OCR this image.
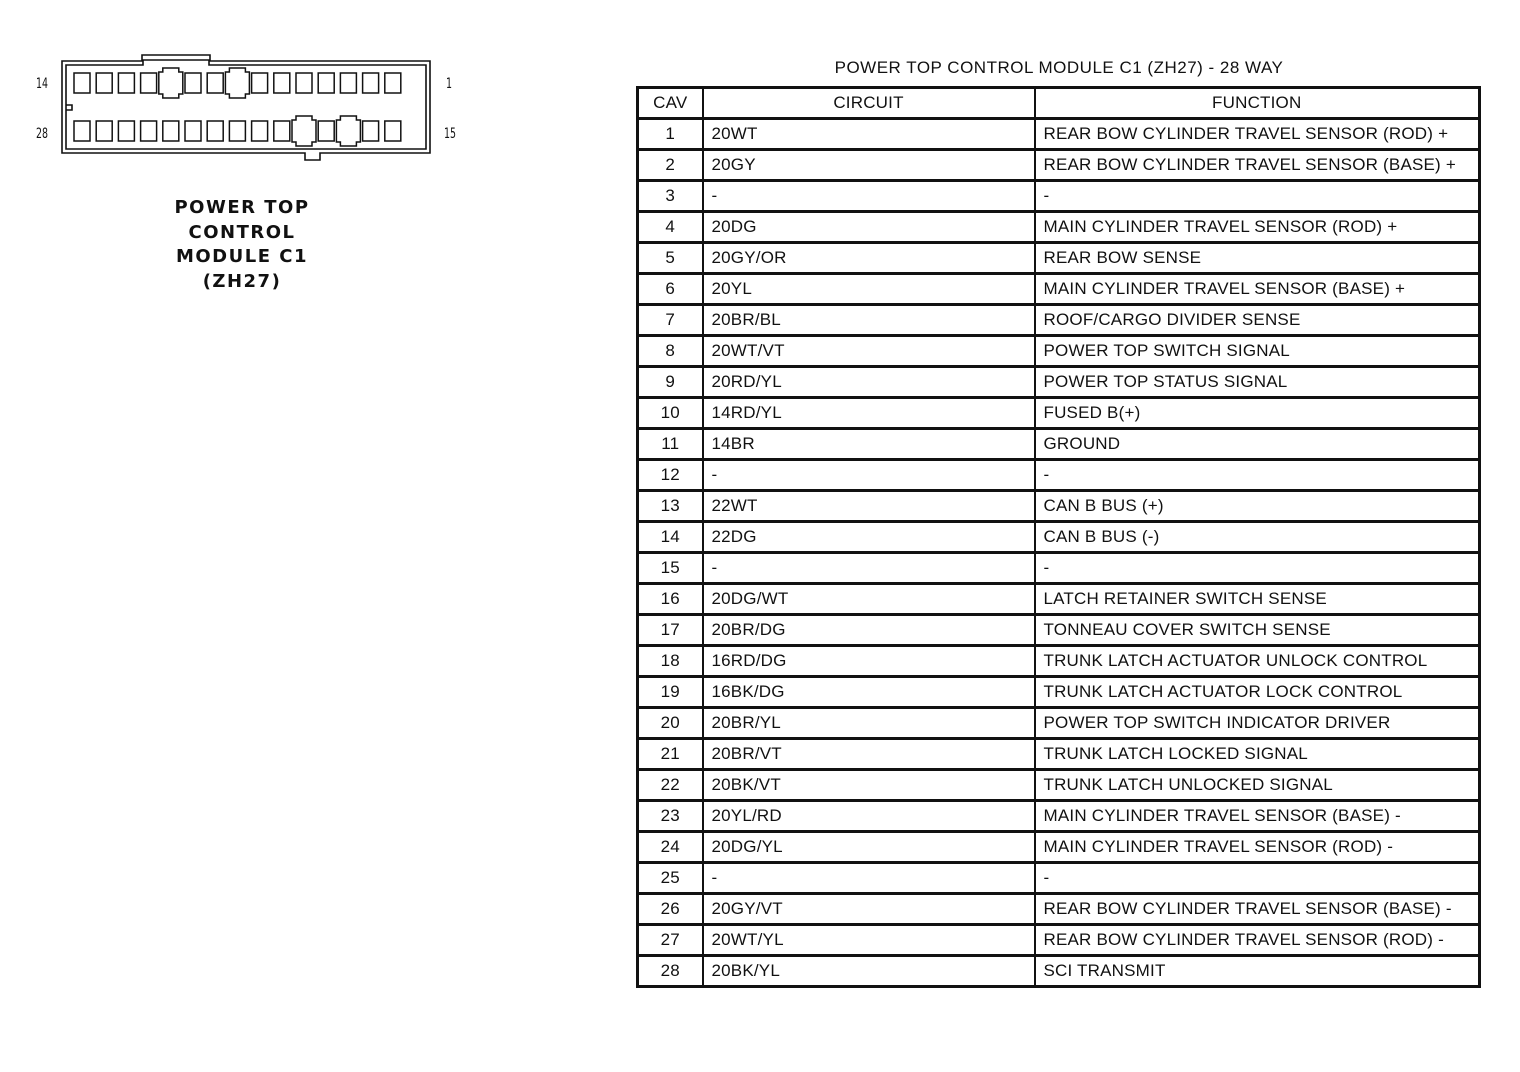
14	1
28	15
POWER TOP
CONTROL
MODULE C1
(ZH27)
POWER TOP CONTROL MODULE C1 (ZH27) - 28 WAY
CAV	CIRCUIT	FUNCTION
1	20WT	REAR BOW CYLINDER TRAVEL SENSOR (ROD) +
2	20GY	REAR BOW CYLINDER TRAVEL SENSOR (BASE) +
3	-	-
4	20DG	MAIN CYLINDER TRAVEL SENSOR (ROD) +
5	20GY/OR	REAR BOW SENSE
6	20YL	MAIN CYLINDER TRAVEL SENSOR (BASE) +
7	20BR/BL	ROOF/CARGO DIVIDER SENSE
8	20WT/VT	POWER TOP SWITCH SIGNAL
9	20RD/YL	POWER TOP STATUS SIGNAL
10	14RD/YL	FUSED B(+)
11	14BR	GROUND
12	-	-
13	22WT	CAN B BUS (+)
14	22DG	CAN B BUS (-)
15	-	-
16	20DG/WT	LATCH RETAINER SWITCH SENSE
17	20BR/DG	TONNEAU COVER SWITCH SENSE
18	16RD/DG	TRUNK LATCH ACTUATOR UNLOCK CONTROL
19	16BK/DG	TRUNK LATCH ACTUATOR LOCK CONTROL
20	20BR/YL	POWER TOP SWITCH INDICATOR DRIVER
21	20BR/VT	TRUNK LATCH LOCKED SIGNAL
22	20BK/VT	TRUNK LATCH UNLOCKED SIGNAL
23	20YL/RD	MAIN CYLINDER TRAVEL SENSOR (BASE) -
24	20DG/YL	MAIN CYLINDER TRAVEL SENSOR (ROD) -
25	-	-
26	20GY/VT	REAR BOW CYLINDER TRAVEL SENSOR (BASE) -
27	20WT/YL	REAR BOW CYLINDER TRAVEL SENSOR (ROD) -
28	20BK/YL	SCI TRANSMIT
